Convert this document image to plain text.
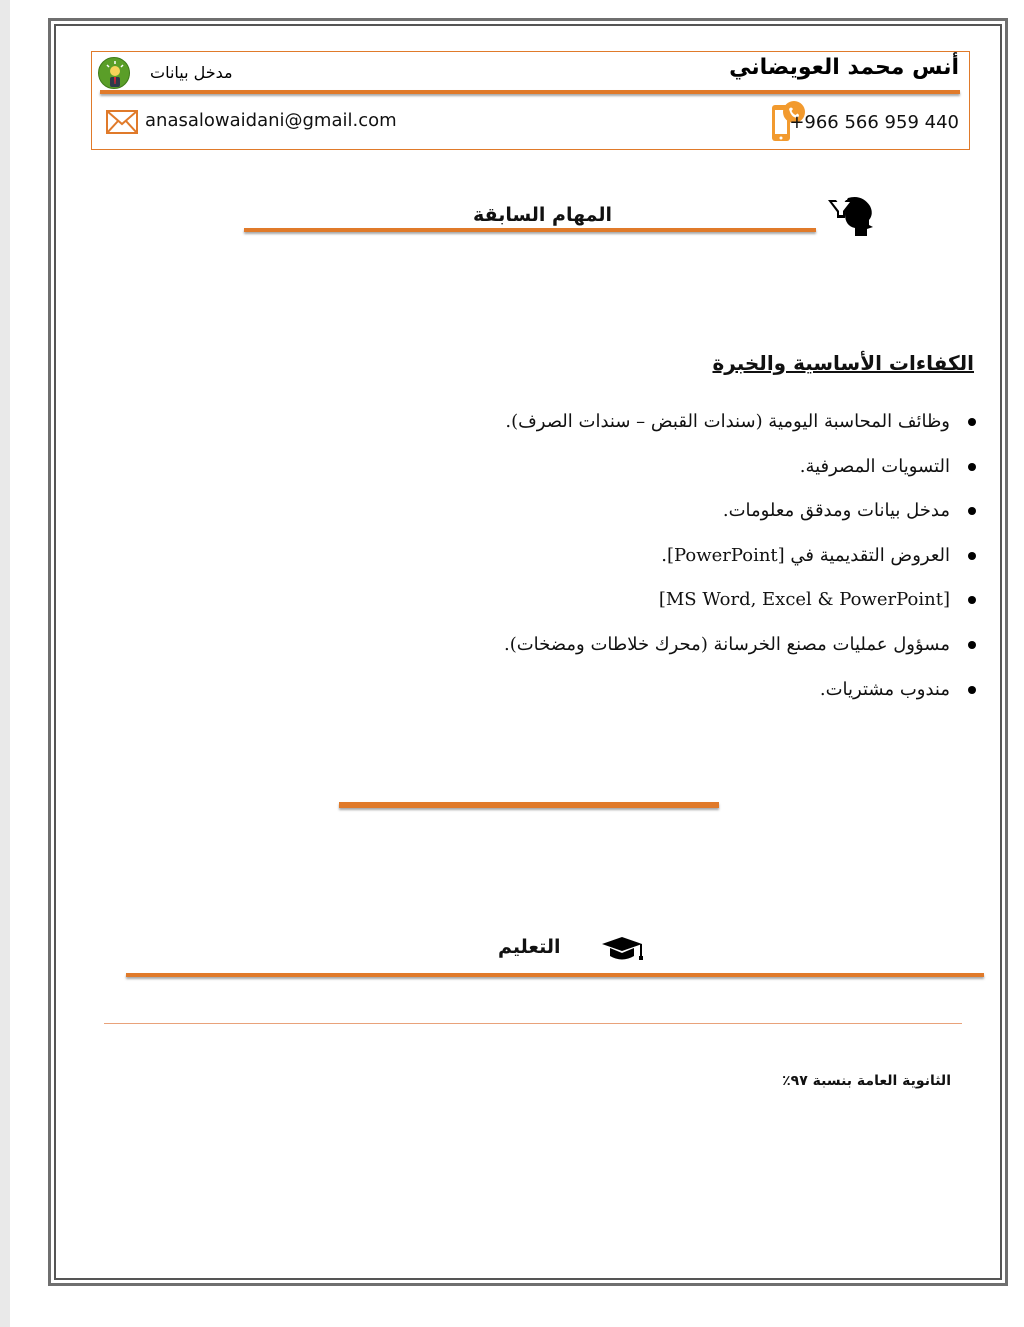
أنس محمد العويضاني
مدخل بيانات
anasalowaidani@gmail.com	+966 566 959 440
المهام السابقة
الكفاءات الأساسية والخبرة
وظائف المحاسبة اليومية (سندات القبض – سندات الصرف).
التسويات المصرفية.
مدخل بيانات ومدقق معلومات.
العروض التقديمية في [PowerPoint].
[MS Word, Excel & PowerPoint]
مسؤول عمليات مصنع الخرسانة (محرك خلاطات ومضخات).
مندوب مشتريات.
التعليم
الثانوية العامة بنسبة ٩٧٪
